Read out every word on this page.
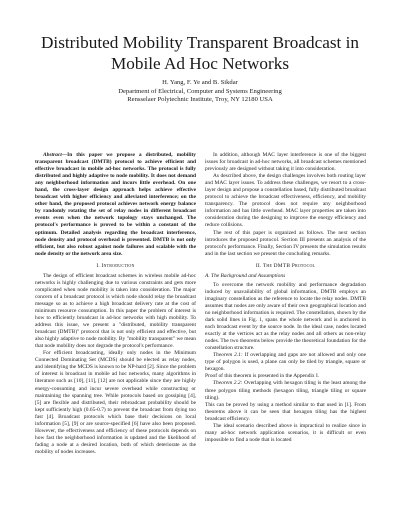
Distributed Mobility Transparent Broadcast in
Mobile Ad Hoc Networks
H. Yang, F. Ye and B. Sikdar
Department of Electrical, Computer and Systems Engineering
Rensselaer Polytechnic Institute, Troy, NY 12180 USA

Abstract—In this paper we propose a distributed, mobility transparent broadcast (DMTB) protocol to achieve efficient and effective broadcast in mobile ad-hoc networks. The protocol is fully distributed and highly adaptive to node mobility. It does not demand any neighborhood information and incurs little overhead. On one hand, the cross-layer design approach helps achieve effective broadcast with higher efficiency and alleviated interference; on the other hand, the proposed protocol achieves network energy balance by randomly rotating the set of relay nodes in different broadcast events even when the network topology stays unchanged. The protocol's performance is proved to be within a constant of the optimum. Detailed analysis regarding the broadcast interference, node density and protocol overhead is presented. DMTB is not only efficient, but also robust against node failures and scalable with the node density or the network area size.

I. Introduction

The design of efficient broadcast schemes in wireless mobile ad-hoc networks is highly challenging due to various constraints and gets more complicated when node mobility is taken into consideration. The major concern of a broadcast protocol is which node should relay the broadcast message so as to achieve a high broadcast delivery rate at the cost of minimum resource consumption. In this paper the problem of interest is how to efficiently broadcast in ad-hoc networks with high mobility. To address this issue, we present a "distributed, mobility transparent broadcast (DMTB)" protocol that is not only efficient and effective, but also highly adaptive to node mobility. By "mobility transparent" we mean that node mobility does not degrade the protocol's performance.

For efficient broadcasting, ideally only nodes in the Minimum Connected Dominating Set (MCDS) should be elected as relay nodes, and identifying the MCDS is known to be NP-hard [2]. Since the problem of interest is broadcast in mobile ad hoc networks, many algorithms in literature such as [10], [11], [12] are not applicable since they are highly energy-consuming and incur severe overhead while constructing or maintaining the spanning tree. While protocols based on gossiping [4], [5] are flexible and distributed, their rebroadcast probability should be kept sufficiently high (0.65-0.7) to prevent the broadcast from dying too fast [4]. Broadcast protocols which base their decisions on local information [5], [9] or are source-specified [6] have also been proposed. However, the effectiveness and efficiency of these protocols depends on how fast the neighborhood information is updated and the likelihood of fading a node at a desired location, both of which deteriorate as the mobility of nodes increases.

In addition, although MAC layer interference is one of the biggest issues for broadcast in ad-hoc networks, all broadcast schemes mentioned previously are designed without taking it into consideration.

As described above, the design challenges involves both routing layer and MAC layer issues. To address these challenges, we resort to a cross-layer design and propose a constellation based, fully distributed broadcast protocol to achieve the broadcast effectiveness, efficiency, and mobility transparency. The protocol does not require any neighborhood information and has little overhead. MAC layer properties are taken into consideration during the designing to improve the energy efficiency and reduce collisions.

The rest of this paper is organized as follows. The next section introduces the proposed protocol. Section III presents an analysis of the protocol's performance. Finally, Section IV presents the simulation results and in the last section we present the concluding remarks.

II. The DMTB Protocol
A. The Background and Assumptions

To overcome the network mobility and performance degradation induced by unavailability of global information, DMTB employs an imaginary constellation as the reference to locate the relay nodes. DMTB assumes that nodes are only aware of their own geographical location and no neighborhood information is required. The constellation, shown by the dark solid lines in Fig. 1, spans the whole network and is anchored in each broadcast event by the source node. In the ideal case, nodes located exactly at the vertices act as the relay nodes and all others as non-relay nodes. The two theorems below provide the theoretical foundation for the constellation structure.

Theorem 2.1: If overlapping and gaps are not allowed and only one type of polygon is used, a plane can only be tiled by triangle, square or hexagon.

Proof of this theorem is presented in the Appendix I.

Theorem 2.2: Overlapping with hexagon tiling is the least among the three polygon tiling methods (hexagon tiling, triangle tiling or square tiling).

This can be proved by using a method similar to that used in [1]. From theorems above it can be seen that hexagon tiling has the highest broadcast efficiency.

The ideal scenario described above is impractical to realize since in many ad-hoc network application scenarios, it is difficult or even impossible to find a node that is located
